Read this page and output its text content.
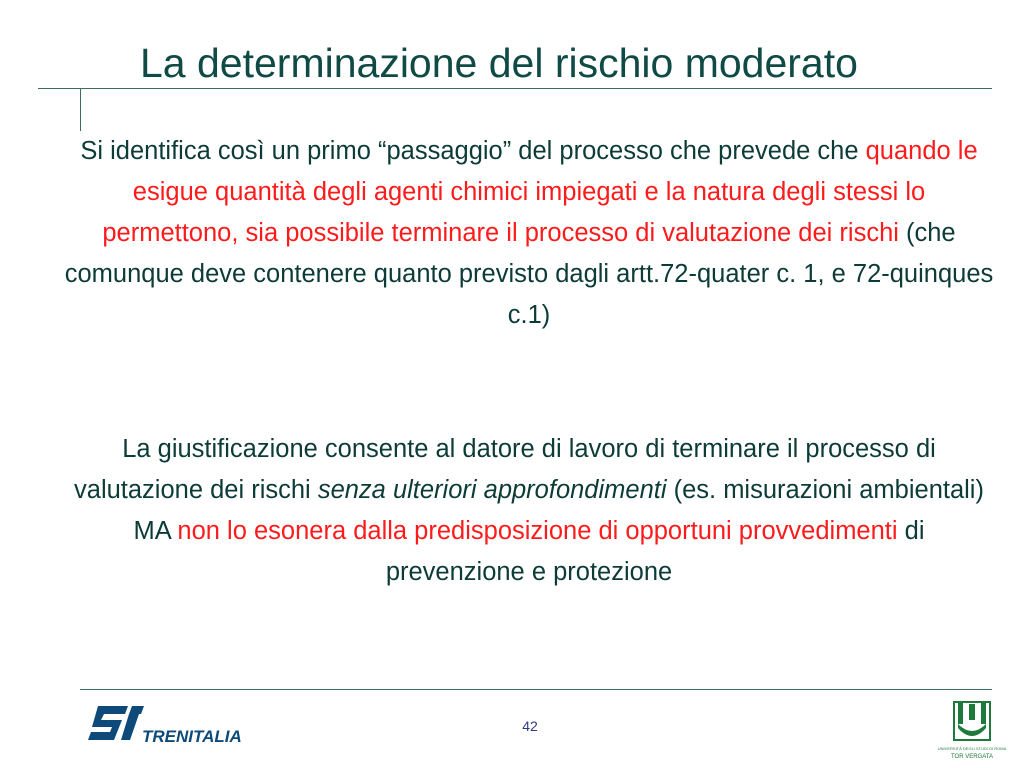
La determinazione del rischio moderato
Si identifica così un primo “passaggio” del processo che prevede che quando le esigue quantità degli agenti chimici impiegati e la natura degli stessi lo permettono, sia possibile terminare il processo di valutazione dei rischi (che comunque deve contenere quanto previsto dagli artt.72-quater c. 1, e 72-quinques c.1)
La giustificazione consente al datore di lavoro di terminare il processo di valutazione dei rischi senza ulteriori approfondimenti (es. misurazioni ambientali) MA non lo esonera dalla predisposizione di opportuni provvedimenti di prevenzione e protezione
TRENITALIA
42
UNIVERSITÀ DEGLI STUDI DI ROMA
TOR VERGATA
